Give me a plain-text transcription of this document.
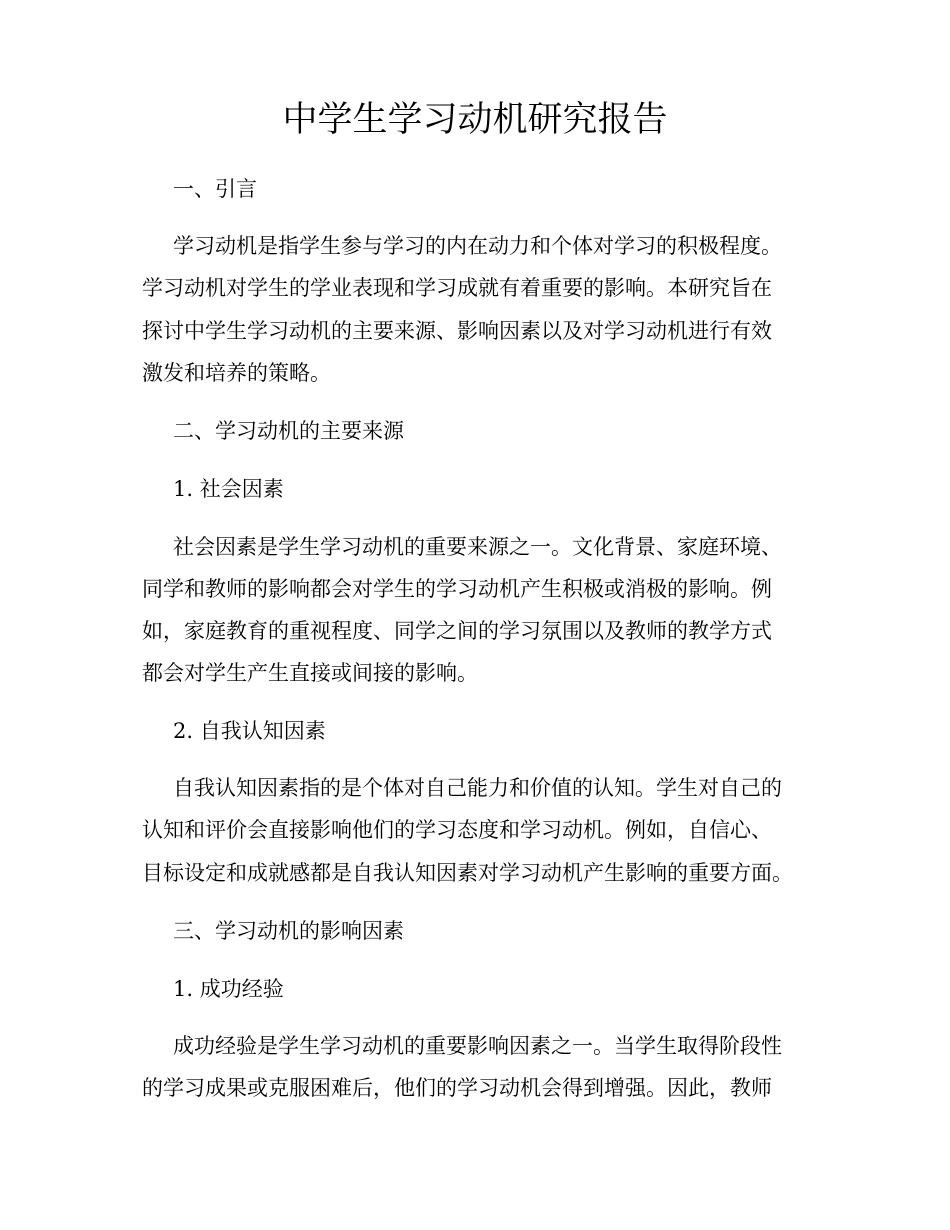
中学生学习动机研究报告
一、引言
学习动机是指学生参与学习的内在动力和个体对学习的积极程度。
学习动机对学生的学业表现和学习成就有着重要的影响。本研究旨在
探讨中学生学习动机的主要来源、影响因素以及对学习动机进行有效
激发和培养的策略。
二、学习动机的主要来源
1. 社会因素
社会因素是学生学习动机的重要来源之一。文化背景、家庭环境、
同学和教师的影响都会对学生的学习动机产生积极或消极的影响。例
如，家庭教育的重视程度、同学之间的学习氛围以及教师的教学方式
都会对学生产生直接或间接的影响。
2. 自我认知因素
自我认知因素指的是个体对自己能力和价值的认知。学生对自己的
认知和评价会直接影响他们的学习态度和学习动机。例如，自信心、
目标设定和成就感都是自我认知因素对学习动机产生影响的重要方面。
三、学习动机的影响因素
1. 成功经验
成功经验是学生学习动机的重要影响因素之一。当学生取得阶段性
的学习成果或克服困难后，他们的学习动机会得到增强。因此，教师
